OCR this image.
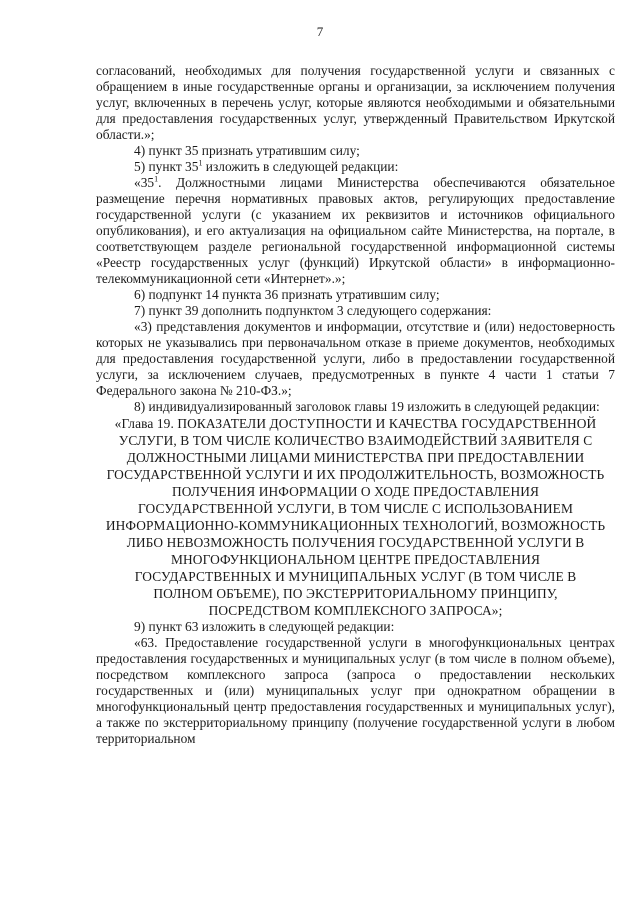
7

согласований, необходимых для получения государственной услуги и связанных с обращением в иные государственные органы и организации, за исключением получения услуг, включенных в перечень услуг, которые являются необходимыми и обязательными для предоставления государственных услуг, утвержденный Правительством Иркутской области.»;

4) пункт 35 признать утратившим силу;

5) пункт $35^1$ изложить в следующей редакции:

«$35^1$. Должностными лицами Министерства обеспечиваются обязательное размещение перечня нормативных правовых актов, регулирующих предоставление государственной услуги (с указанием их реквизитов и источников официального опубликования), и его актуализация на официальном сайте Министерства, на портале, в соответствующем разделе региональной государственной информационной системы «Реестр государственных услуг (функций) Иркутской области» в информационно-телекоммуникационной сети «Интернет».»;

6) подпункт 14 пункта 36 признать утратившим силу;

7) пункт 39 дополнить подпунктом 3 следующего содержания:

«3) представления документов и информации, отсутствие и (или) недостоверность которых не указывались при первоначальном отказе в приеме документов, необходимых для предоставления государственной услуги, либо в предоставлении государственной услуги, за исключением случаев, предусмотренных в пункте 4 части 1 статьи 7 Федерального закона № 210-ФЗ.»;

8) индивидуализированный заголовок главы 19 изложить в следующей редакции:

«Глава 19. ПОКАЗАТЕЛИ ДОСТУПНОСТИ И КАЧЕСТВА ГОСУДАРСТВЕННОЙ УСЛУГИ, В ТОМ ЧИСЛЕ КОЛИЧЕСТВО ВЗАИМОДЕЙСТВИЙ ЗАЯВИТЕЛЯ С ДОЛЖНОСТНЫМИ ЛИЦАМИ МИНИСТЕРСТВА ПРИ ПРЕДОСТАВЛЕНИИ ГОСУДАРСТВЕННОЙ УСЛУГИ И ИХ ПРОДОЛЖИТЕЛЬНОСТЬ, ВОЗМОЖНОСТЬ ПОЛУЧЕНИЯ ИНФОРМАЦИИ О ХОДЕ ПРЕДОСТАВЛЕНИЯ ГОСУДАРСТВЕННОЙ УСЛУГИ, В ТОМ ЧИСЛЕ С ИСПОЛЬЗОВАНИЕМ ИНФОРМАЦИОННО-КОММУНИКАЦИОННЫХ ТЕХНОЛОГИЙ, ВОЗМОЖНОСТЬ ЛИБО НЕВОЗМОЖНОСТЬ ПОЛУЧЕНИЯ ГОСУДАРСТВЕННОЙ УСЛУГИ В МНОГОФУНКЦИОНАЛЬНОМ ЦЕНТРЕ ПРЕДОСТАВЛЕНИЯ ГОСУДАРСТВЕННЫХ И МУНИЦИПАЛЬНЫХ УСЛУГ (В ТОМ ЧИСЛЕ В ПОЛНОМ ОБЪЕМЕ), ПО ЭКСТЕРРИТОРИАЛЬНОМУ ПРИНЦИПУ, ПОСРЕДСТВОМ КОМПЛЕКСНОГО ЗАПРОСА»;

9) пункт 63 изложить в следующей редакции:

«63. Предоставление государственной услуги в многофункциональных центрах предоставления государственных и муниципальных услуг (в том числе в полном объеме), посредством комплексного запроса (запроса о предоставлении нескольких государственных и (или) муниципальных услуг при однократном обращении в многофункциональный центр предоставления государственных и муниципальных услуг), а также по экстерриториальному принципу (получение государственной услуги в любом территориальном
